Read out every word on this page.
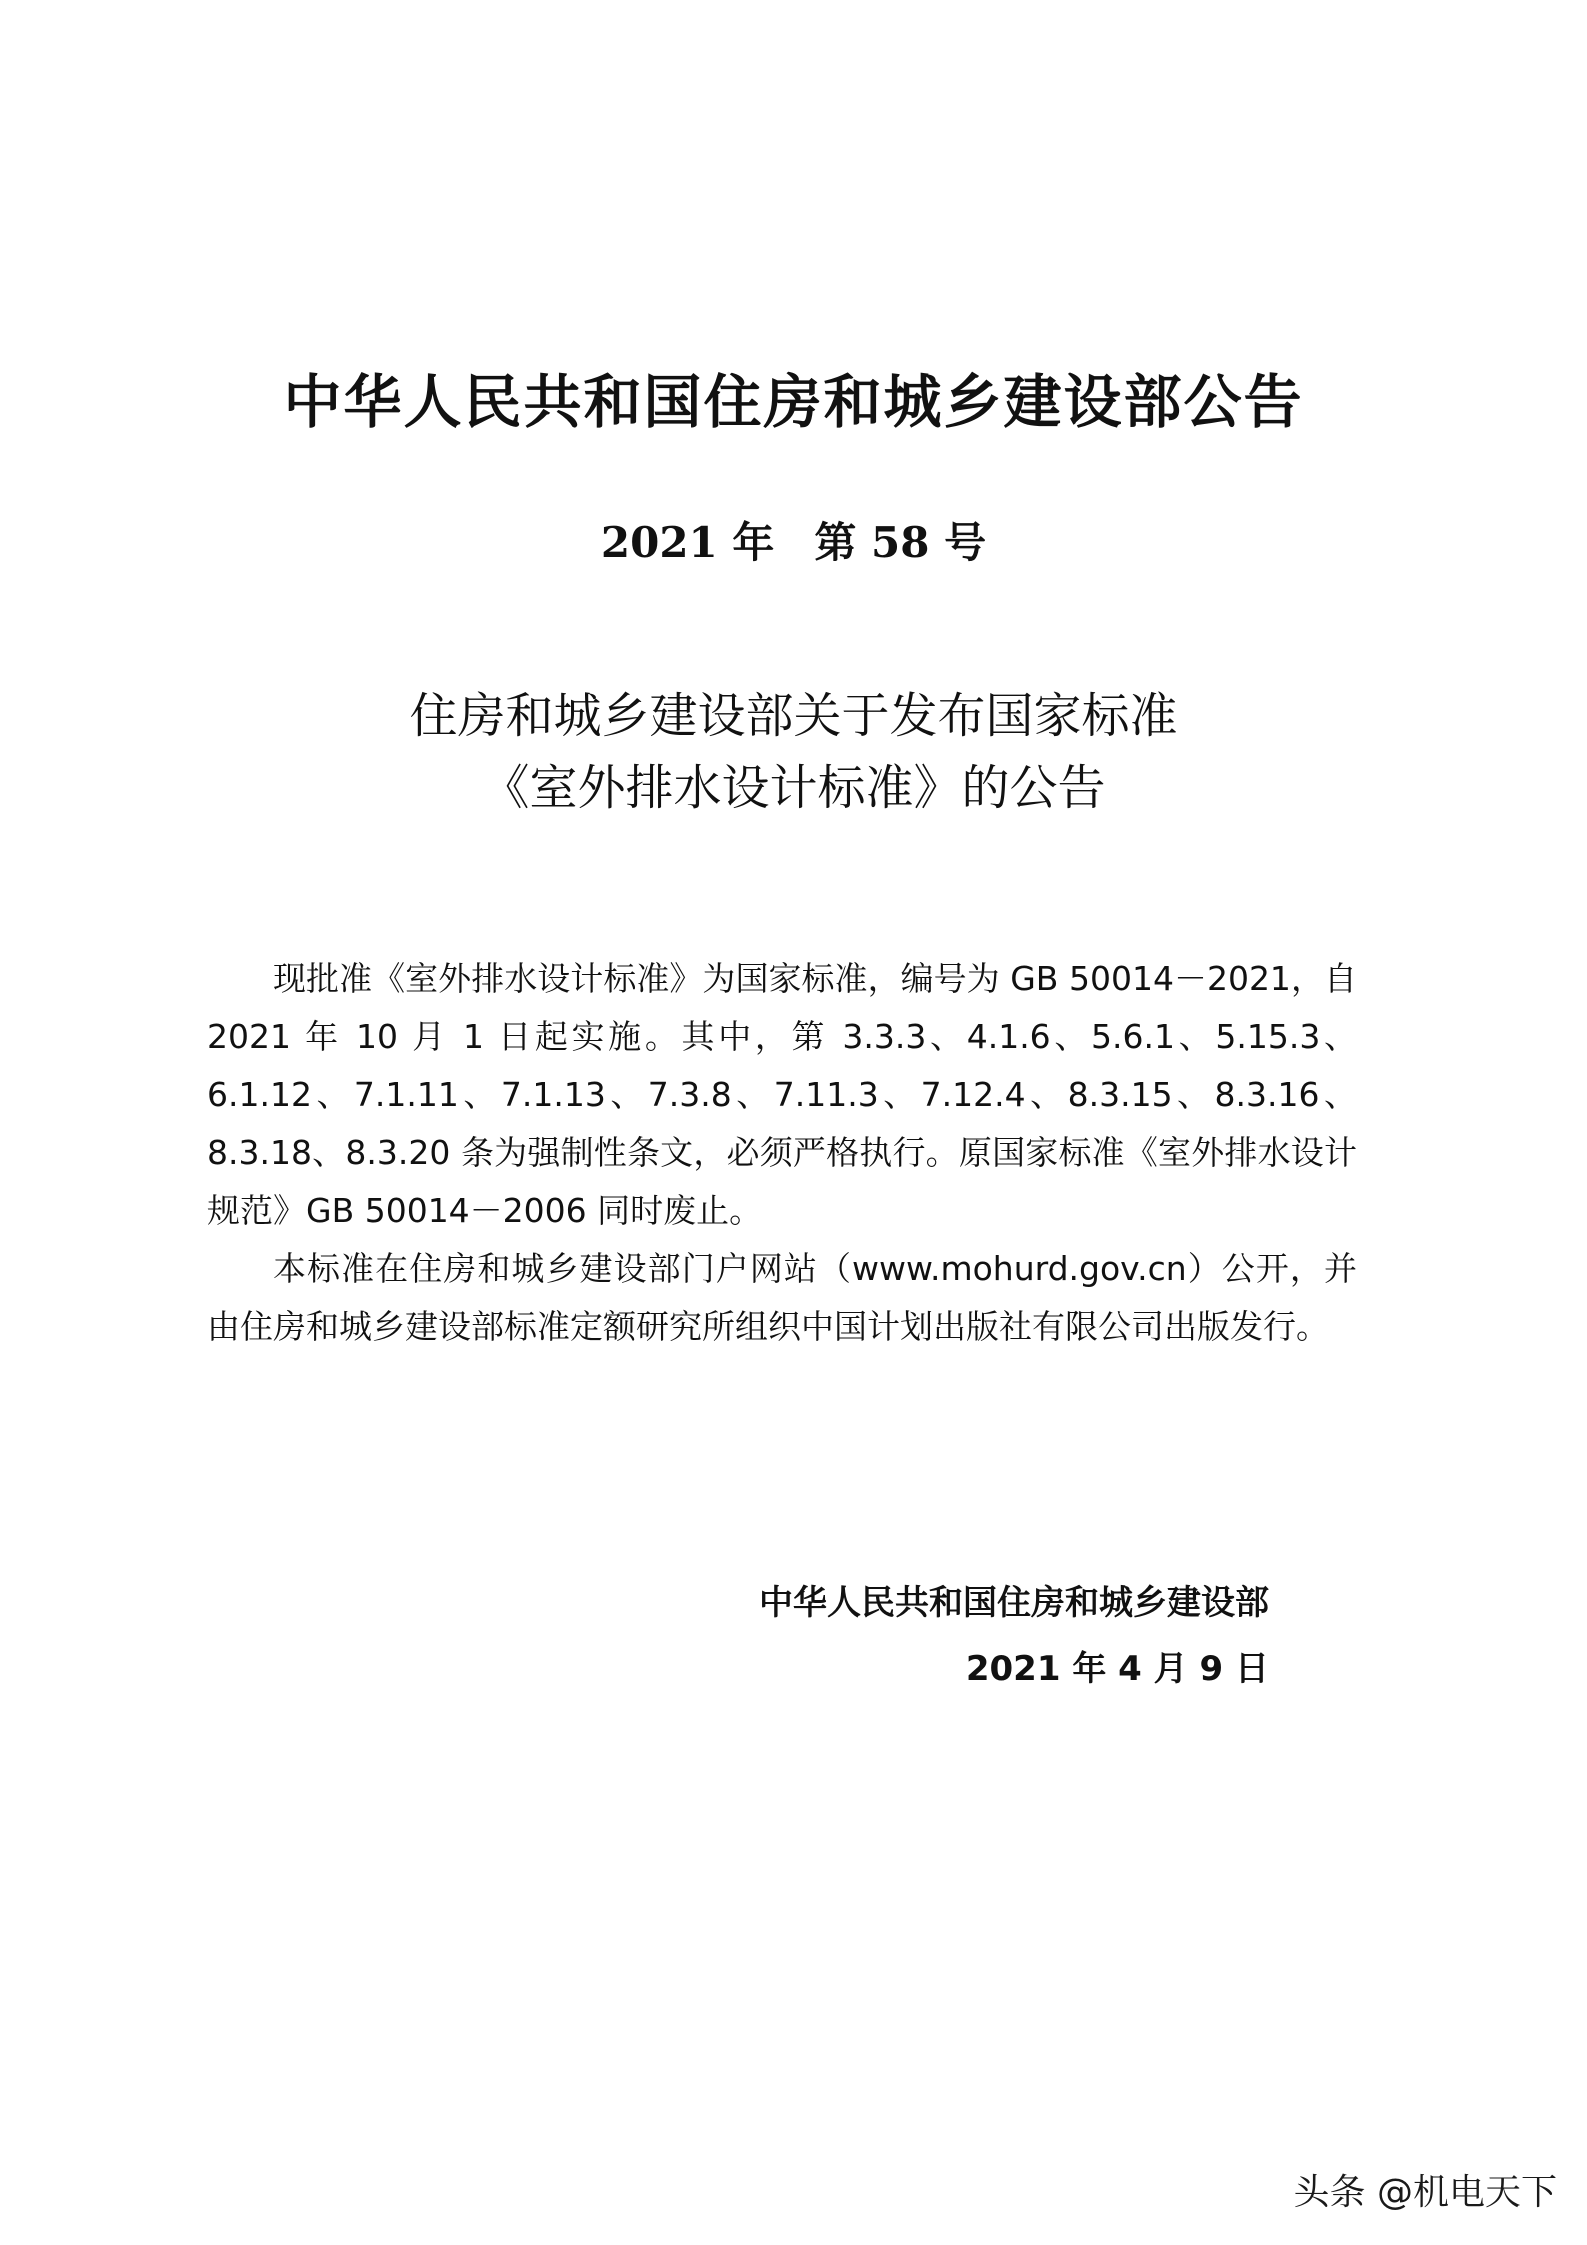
中华人民共和国住房和城乡建设部公告
2021 年 第 58 号
住房和城乡建设部关于发布国家标准
《室外排水设计标准》的公告

现批准《室外排水设计标准》为国家标准，编号为 GB 50014－2021，自 2021 年 10 月 1 日起实施。其中，第 3.3.3、4.1.6、5.6.1、5.15.3、6.1.12、7.1.11、7.1.13、7.3.8、7.11.3、7.12.4、8.3.15、8.3.16、8.3.18、8.3.20 条为强制性条文，必须严格执行。原国家标准《室外排水设计规范》GB 50014－2006 同时废止。

本标准在住房和城乡建设部门户网站（www.mohurd.gov.cn）公开，并由住房和城乡建设部标准定额研究所组织中国计划出版社有限公司出版发行。

中华人民共和国住房和城乡建设部
2021 年 4 月 9 日
头条 @机电天下
